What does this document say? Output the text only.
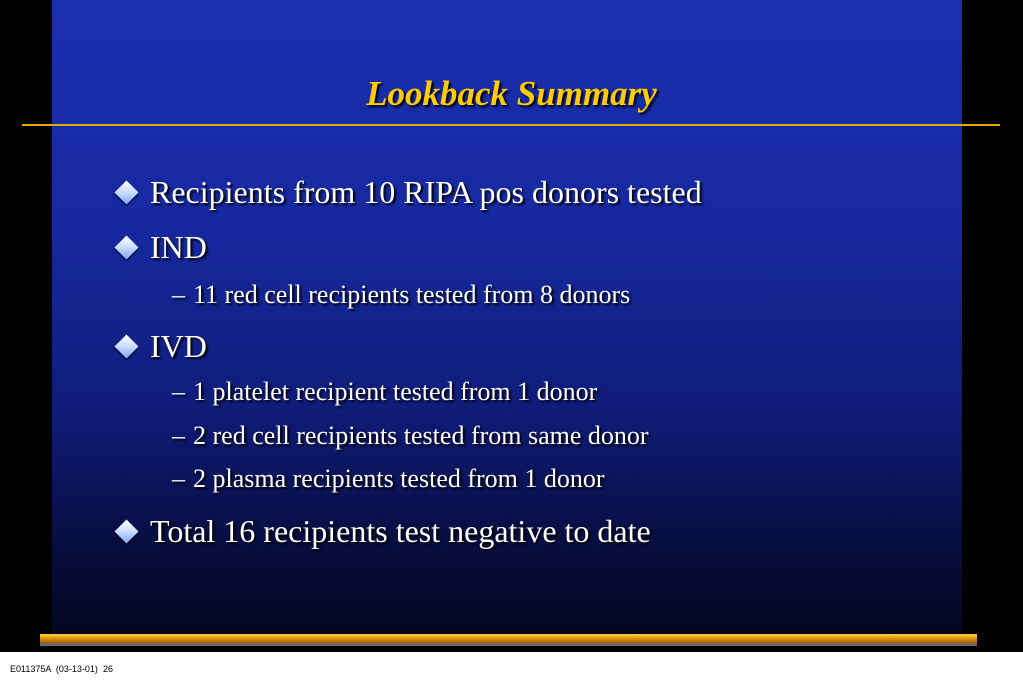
Lookback Summary
Recipients from 10 RIPA pos donors tested
IND
– 11 red cell recipients tested from 8 donors
IVD
– 1 platelet recipient tested from 1 donor
– 2 red cell recipients tested from same donor
– 2 plasma recipients tested from 1 donor
Total 16 recipients test negative to date
E011375A (03-13-01) 26
